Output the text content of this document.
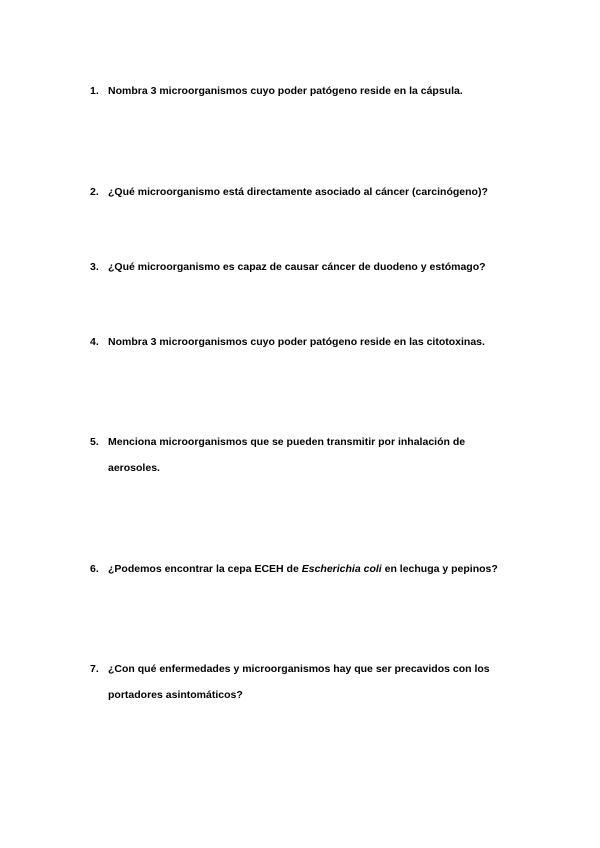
1. Nombra 3 microorganismos cuyo poder patógeno reside en la cápsula.
2. ¿Qué microorganismo está directamente asociado al cáncer (carcinógeno)?
3. ¿Qué microorganismo es capaz de causar cáncer de duodeno y estómago?
4. Nombra 3 microorganismos cuyo poder patógeno reside en las citotoxinas.
5. Menciona microorganismos que se pueden transmitir por inhalación de aerosoles.
6. ¿Podemos encontrar la cepa ECEH de Escherichia coli en lechuga y pepinos?
7. ¿Con qué enfermedades y microorganismos hay que ser precavidos con los portadores asintomáticos?
